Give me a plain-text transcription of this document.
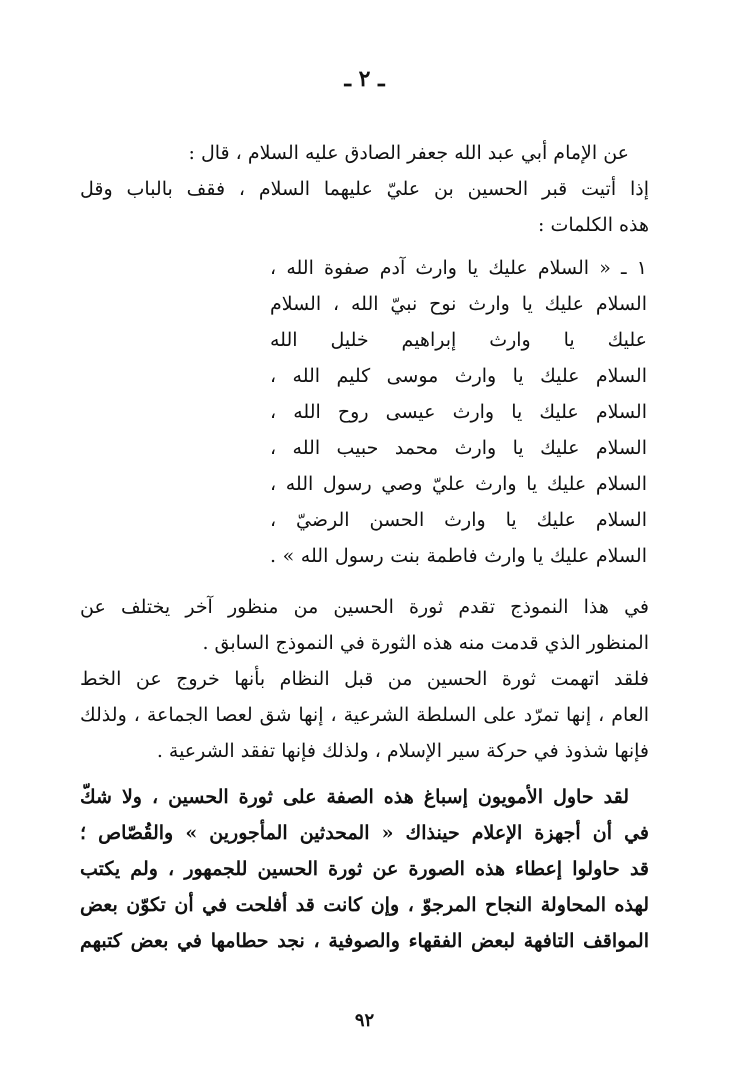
ـ ٢ ـ
عن الإمام أبي عبد الله جعفر الصادق عليه السلام ، قال :
إذا أتيت قبر الحسين بن عليّ عليهما السلام ، فقف بالباب وقل
هذه الكلمات :
١ ـ « السلام عليك يا وارث آدم صفوة الله ،
السلام عليك يا وارث نوح نبيّ الله ، السلام
عليك يا وارث إبراهيم خليل الله
السلام عليك يا وارث موسى كليم الله ،
السلام عليك يا وارث عيسى روح الله ،
السلام عليك يا وارث محمد حبيب الله ،
السلام عليك يا وارث عليّ وصي رسول الله ،
السلام عليك يا وارث الحسن الرضيّ ،
السلام عليك يا وارث فاطمة بنت رسول الله » .
في هذا النموذج تقدم ثورة الحسين من منظور آخر يختلف عن
المنظور الذي قدمت منه هذه الثورة في النموذج السابق .
فلقد اتهمت ثورة الحسين من قبل النظام بأنها خروج عن الخط
العام ، إنها تمرّد على السلطة الشرعية ، إنها شق لعصا الجماعة ، ولذلك
فإنها شذوذ في حركة سير الإسلام ، ولذلك فإنها تفقد الشرعية .
لقد حاول الأمويون إسباغ هذه الصفة على ثورة الحسين ، ولا شكّ
في أن أجهزة الإعلام حينذاك « المحدثين المأجورين » والقُصّاص ؛
قد حاولوا إعطاء هذه الصورة عن ثورة الحسين للجمهور ، ولم يكتب
لهذه المحاولة النجاح المرجوّ ، وإن كانت قد أفلحت في أن تكوّن بعض
المواقف التافهة لبعض الفقهاء والصوفية ، نجد حطامها في بعض كتبهم
٩٢
